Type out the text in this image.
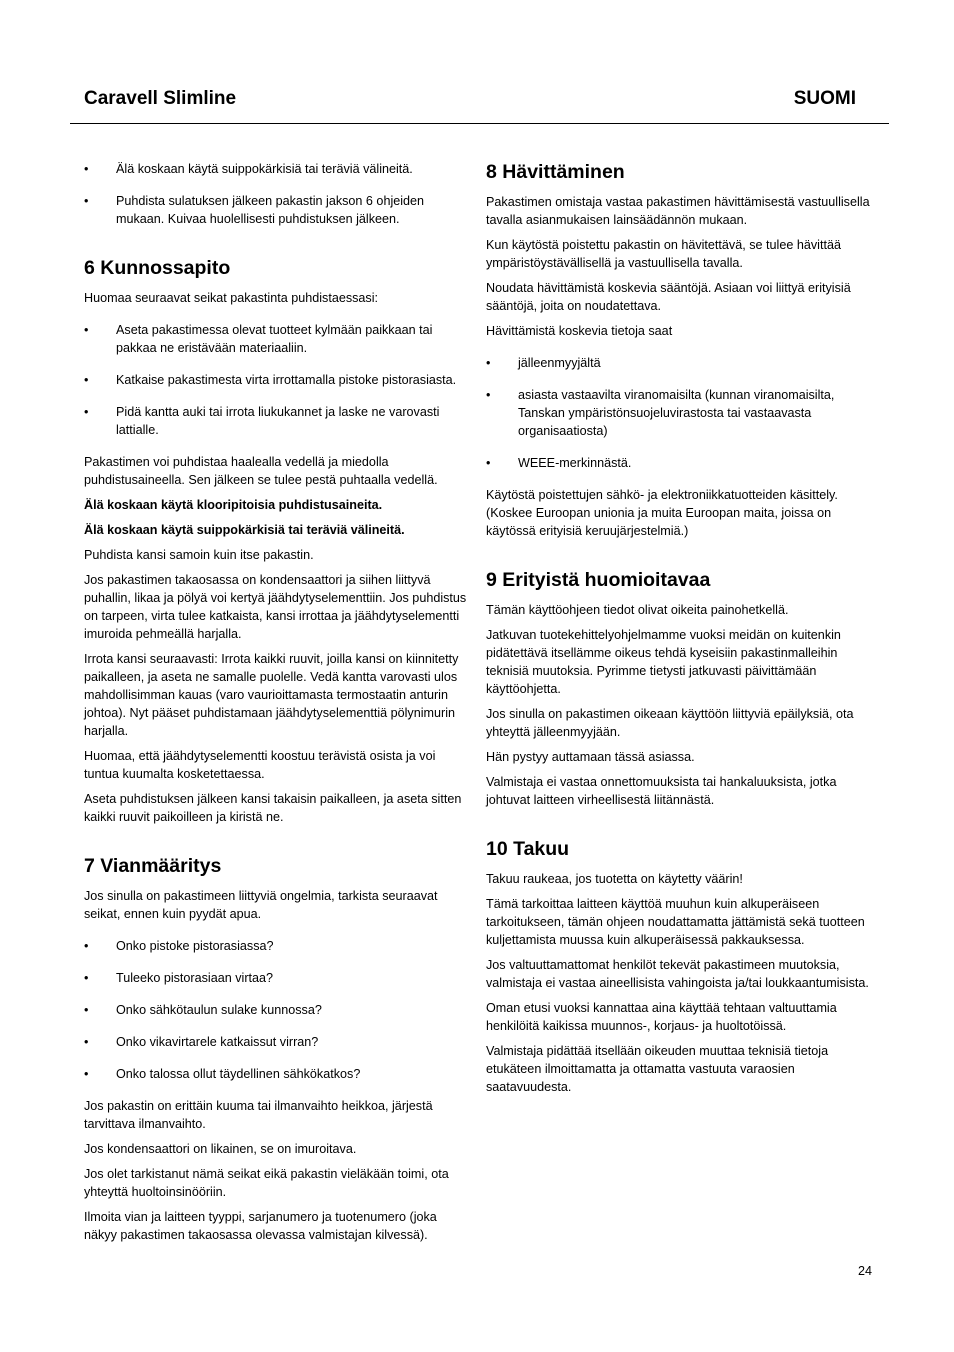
Caravell Slimline	SUOMI
•	Älä koskaan käytä suippokärkisiä tai teräviä välineitä.
•	Puhdista sulatuksen jälkeen pakastin jakson 6 ohjeiden mukaan. Kuivaa huolellisesti puhdistuksen jälkeen.
6 Kunnossapito

Huomaa seuraavat seikat pakastinta puhdistaessasi:

•	Aseta pakastimessa olevat tuotteet kylmään paikkaan tai pakkaa ne eristävään materiaaliin.
•	Katkaise pakastimesta virta irrottamalla pistoke pistorasiasta.
•	Pidä kantta auki tai irrota liukukannet ja laske ne varovasti lattialle.

Pakastimen voi puhdistaa haalealla vedellä ja miedolla puhdistusaineella. Sen jälkeen se tulee pestä puhtaalla vedellä.

Älä koskaan käytä klooripitoisia puhdistusaineita.

Älä koskaan käytä suippokärkisiä tai teräviä välineitä.

Puhdista kansi samoin kuin itse pakastin.

Jos pakastimen takaosassa on kondensaattori ja siihen liittyvä puhallin, likaa ja pölyä voi kertyä jäähdytyselementtiin. Jos puhdistus on tarpeen, virta tulee katkaista, kansi irrottaa ja jäähdytyselementti imuroida pehmeällä harjalla.

Irrota kansi seuraavasti: Irrota kaikki ruuvit, joilla kansi on kiinnitetty paikalleen, ja aseta ne samalle puolelle. Vedä kantta varovasti ulos mahdollisimman kauas (varo vaurioittamasta termostaatin anturin johtoa). Nyt pääset puhdistamaan jäähdytyselementtiä pölynimurin harjalla.

Huomaa, että jäähdytyselementti koostuu terävistä osista ja voi tuntua kuumalta kosketettaessa.

Aseta puhdistuksen jälkeen kansi takaisin paikalleen, ja aseta sitten kaikki ruuvit paikoilleen ja kiristä ne.

7 Vianmääritys

Jos sinulla on pakastimeen liittyviä ongelmia, tarkista seuraavat seikat, ennen kuin pyydät apua.

•	Onko pistoke pistorasiassa?
•	Tuleeko pistorasiaan virtaa?
•	Onko sähkötaulun sulake kunnossa?
•	Onko vikavirtarele katkaissut virran?
•	Onko talossa ollut täydellinen sähkökatkos?

Jos pakastin on erittäin kuuma tai ilmanvaihto heikkoa, järjestä tarvittava ilmanvaihto.

Jos kondensaattori on likainen, se on imuroitava.

Jos olet tarkistanut nämä seikat eikä pakastin vieläkään toimi, ota yhteyttä huoltoinsinööriin.

Ilmoita vian ja laitteen tyyppi, sarjanumero ja tuotenumero (joka näkyy pakastimen takaosassa olevassa valmistajan kilvessä).

8 Hävittäminen

Pakastimen omistaja vastaa pakastimen hävittämisestä vastuullisella tavalla asianmukaisen lainsäädännön mukaan.

Kun käytöstä poistettu pakastin on hävitettävä, se tulee hävittää ympäristöystävällisellä ja vastuullisella tavalla.

Noudata hävittämistä koskevia sääntöjä. Asiaan voi liittyä erityisiä sääntöjä, joita on noudatettava.

Hävittämistä koskevia tietoja saat

•	jälleenmyyjältä
•	asiasta vastaavilta viranomaisilta (kunnan viranomaisilta, Tanskan ympäristönsuojeluvirastosta tai vastaavasta organisaatiosta)
•	WEEE-merkinnästä.

Käytöstä poistettujen sähkö- ja elektroniikkatuotteiden käsittely. (Koskee Euroopan unionia ja muita Euroopan maita, joissa on käytössä erityisiä keruujärjestelmiä.)

9 Erityistä huomioitavaa

Tämän käyttöohjeen tiedot olivat oikeita painohetkellä.

Jatkuvan tuotekehittelyohjelmamme vuoksi meidän on kuitenkin pidätettävä itsellämme oikeus tehdä kyseisiin pakastinmalleihin teknisiä muutoksia. Pyrimme tietysti jatkuvasti päivittämään käyttöohjetta.

Jos sinulla on pakastimen oikeaan käyttöön liittyviä epäilyksiä, ota yhteyttä jälleenmyyjään.

Hän pystyy auttamaan tässä asiassa.

Valmistaja ei vastaa onnettomuuksista tai hankaluuksista, jotka johtuvat laitteen virheellisestä liitännästä.

10 Takuu

Takuu raukeaa, jos tuotetta on käytetty väärin!

Tämä tarkoittaa laitteen käyttöä muuhun kuin alkuperäiseen tarkoitukseen, tämän ohjeen noudattamatta jättämistä sekä tuotteen kuljettamista muussa kuin alkuperäisessä pakkauksessa.

Jos valtuuttamattomat henkilöt tekevät pakastimeen muutoksia, valmistaja ei vastaa aineellisista vahingoista ja/tai loukkaantumisista.

Oman etusi vuoksi kannattaa aina käyttää tehtaan valtuuttamia henkilöitä kaikissa muunnos-, korjaus- ja huoltotöissä.

Valmistaja pidättää itsellään oikeuden muuttaa teknisiä tietoja etukäteen ilmoittamatta ja ottamatta vastuuta varaosien saatavuudesta.

24
